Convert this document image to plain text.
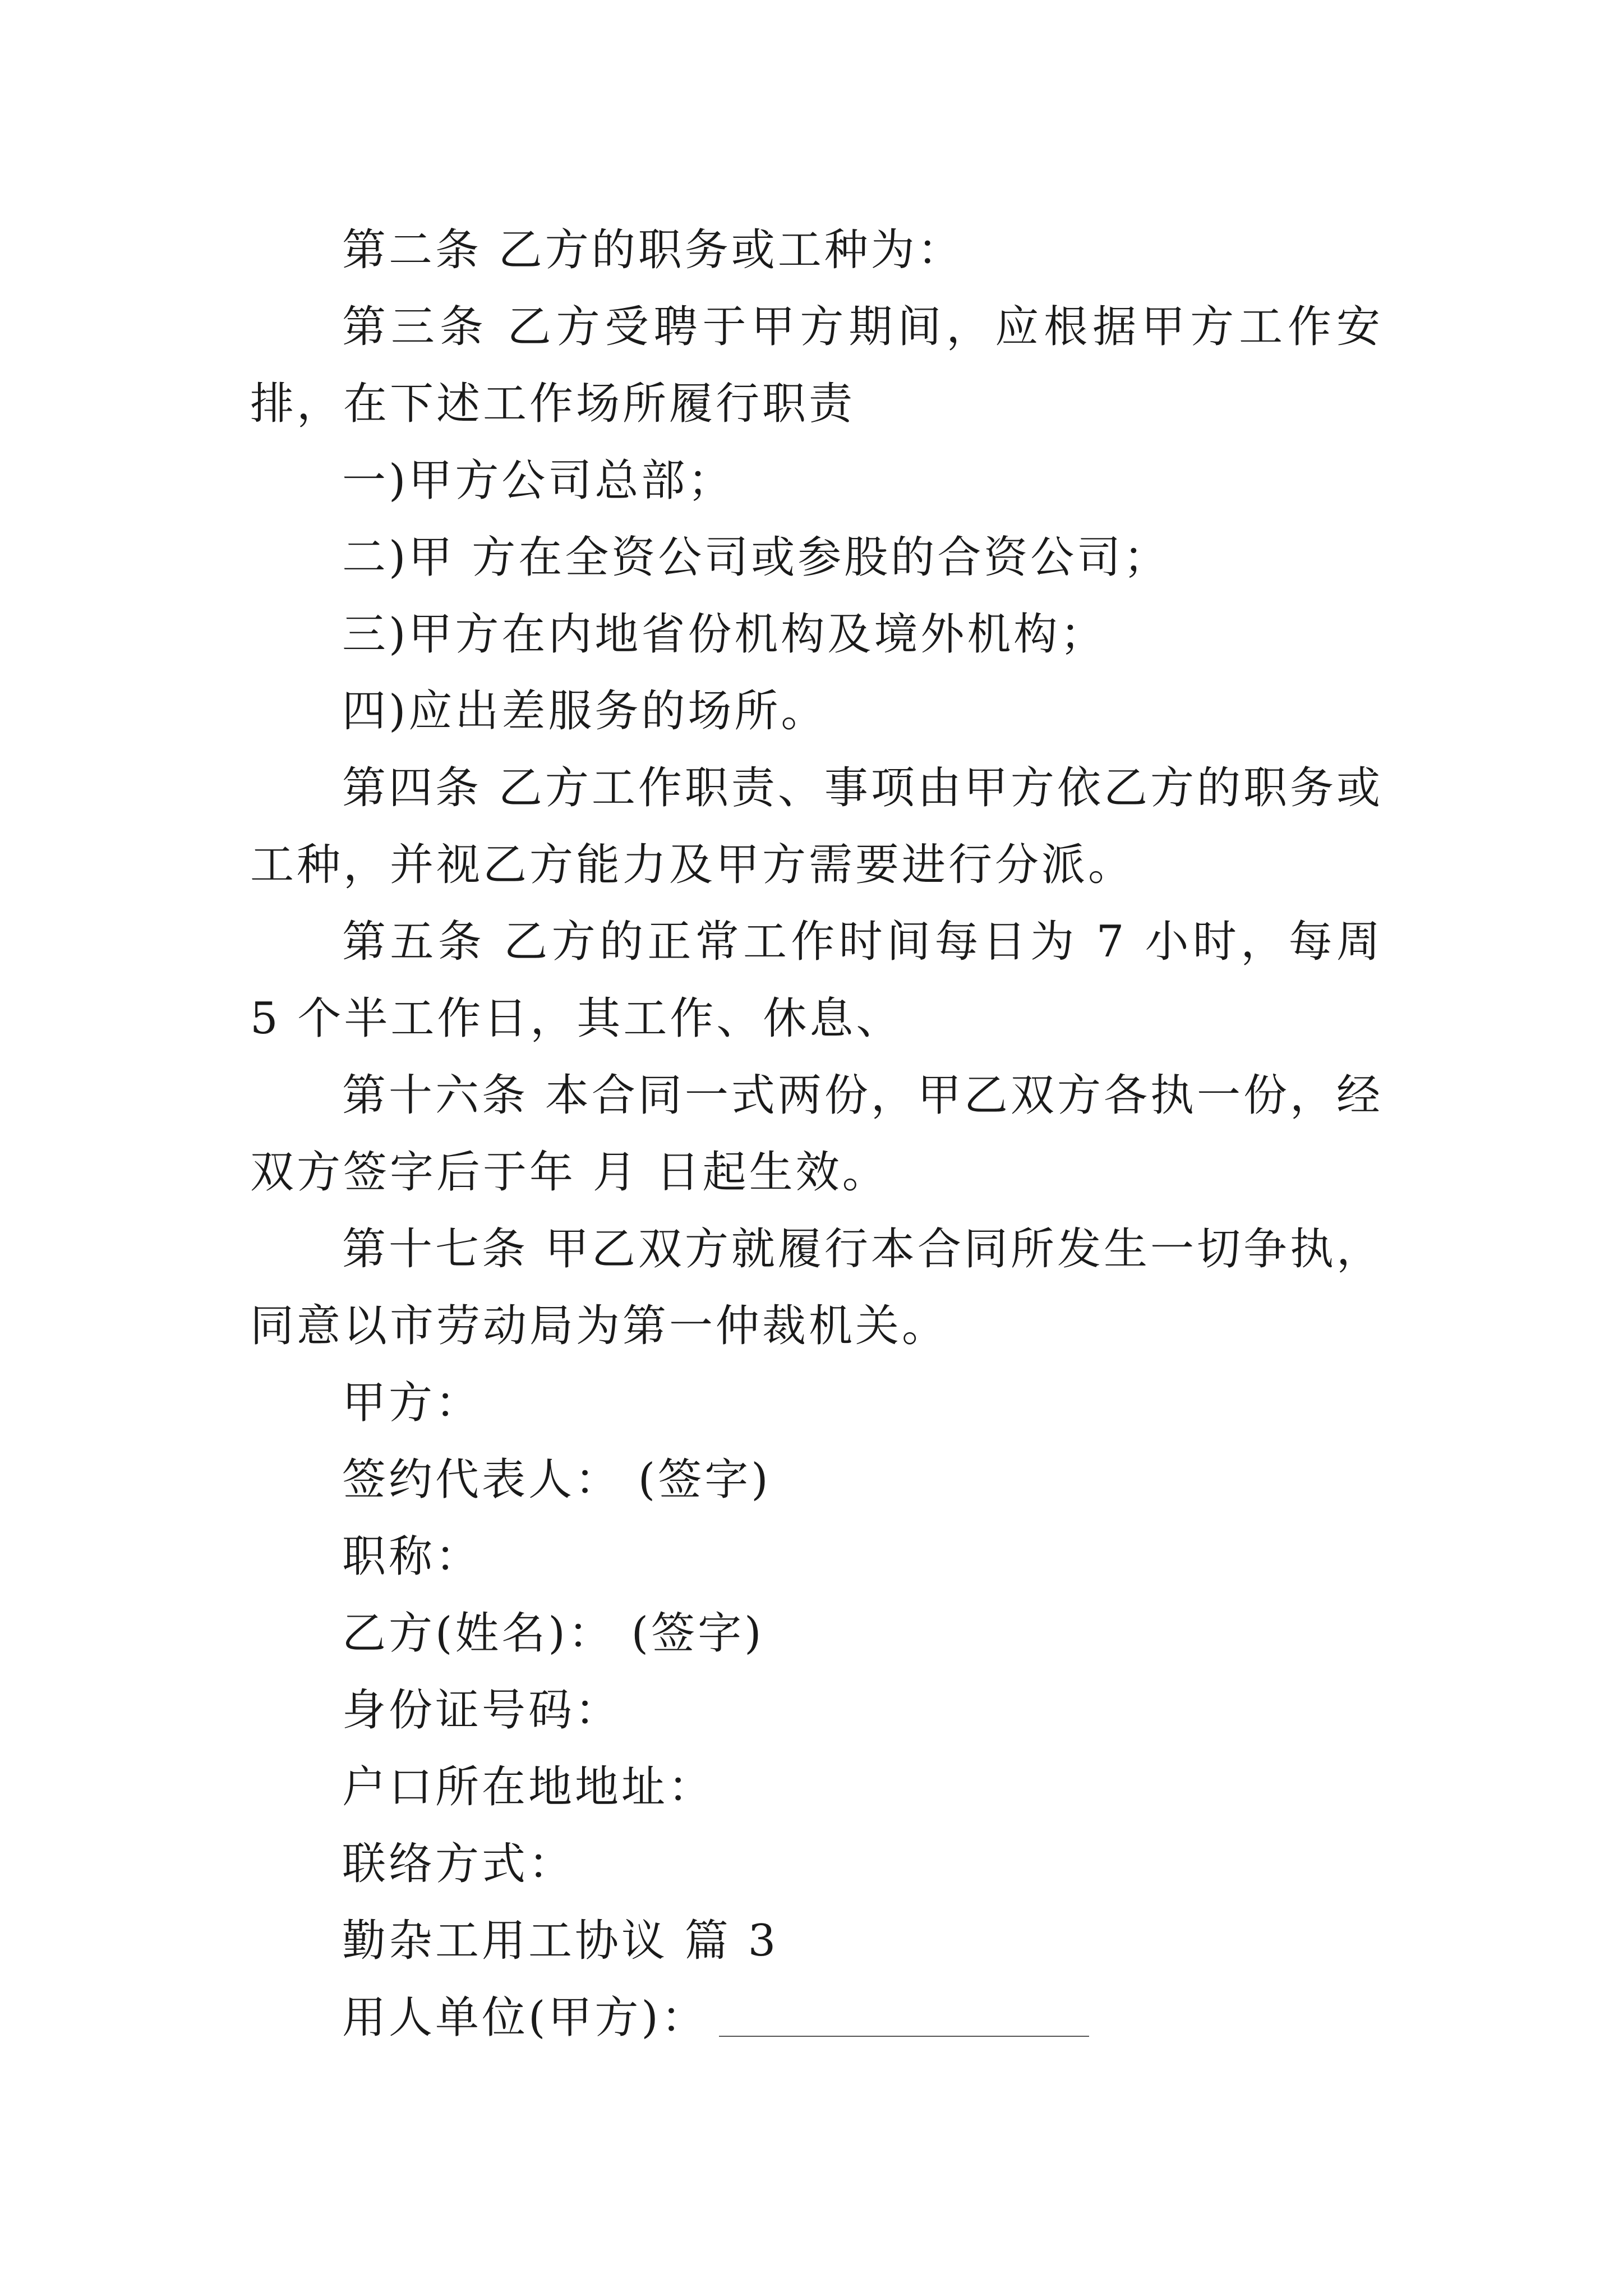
第二条 乙方的职务或工种为：

第三条 乙方受聘于甲方期间，应根据甲方工作安排，在下述工作场所履行职责

一)甲方公司总部；

二)甲 方在全资公司或参股的合资公司；

三)甲方在内地省份机构及境外机构；

四)应出差服务的场所。

第四条 乙方工作职责、事项由甲方依乙方的职务或工种，并视乙方能力及甲方需要进行分派。

第五条 乙方的正常工作时间每日为 7 小时，每周 5 个半工作日，其工作、休息、

第十六条 本合同一式两份，甲乙双方各执一份，经双方签字后于年 月 日起生效。

第十七条 甲乙双方就履行本合同所发生一切争执，同意以市劳动局为第一仲裁机关。

甲方：

签约代表人： (签字)

职称：

乙方(姓名)： (签字)

身份证号码：

户口所在地地址：

联络方式：

勤杂工用工协议 篇 3

用人单位(甲方)：
